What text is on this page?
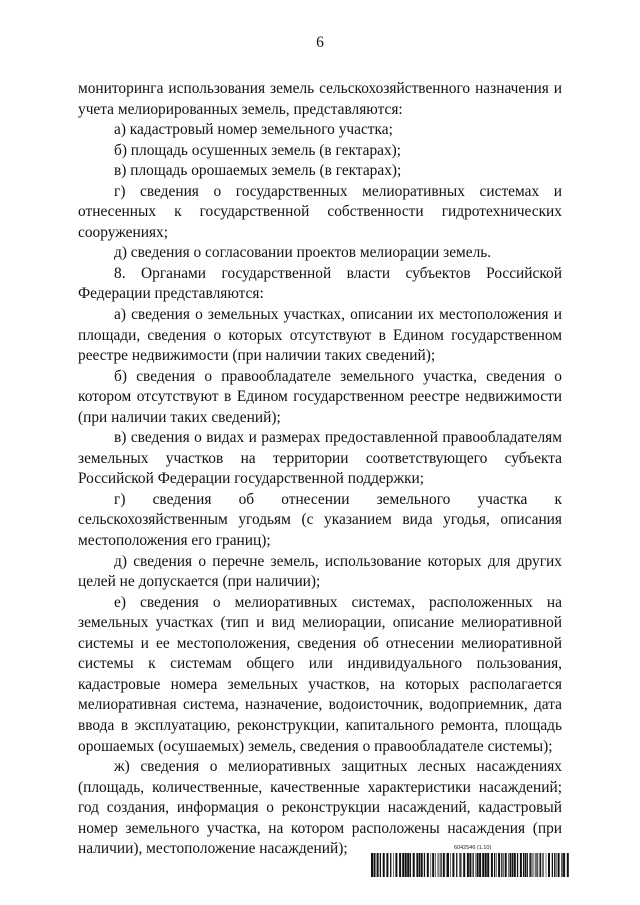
6

мониторинга использования земель сельскохозяйственного назначения и учета мелиорированных земель, представляются:

а) кадастровый номер земельного участка;

б) площадь осушенных земель (в гектарах);

в) площадь орошаемых земель (в гектарах);

г) сведения о государственных мелиоративных системах и отнесенных к государственной собственности гидротехнических сооружениях;

д) сведения о согласовании проектов мелиорации земель.

8. Органами государственной власти субъектов Российской Федерации представляются:

а) сведения о земельных участках, описании их местоположения и площади, сведения о которых отсутствуют в Едином государственном реестре недвижимости (при наличии таких сведений);

б) сведения о правообладателе земельного участка, сведения о котором отсутствуют в Едином государственном реестре недвижимости (при наличии таких сведений);

в) сведения о видах и размерах предоставленной правообладателям земельных участков на территории соответствующего субъекта Российской Федерации государственной поддержки;

г) сведения об отнесении земельного участка к сельскохозяйственным угодьям (с указанием вида угодья, описания местоположения его границ);

д) сведения о перечне земель, использование которых для других целей не допускается (при наличии);

е) сведения о мелиоративных системах, расположенных на земельных участках (тип и вид мелиорации, описание мелиоративной системы и ее местоположения, сведения об отнесении мелиоративной системы к системам общего или индивидуального пользования, кадастровые номера земельных участков, на которых располагается мелиоративная система, назначение, водоисточник, водоприемник, дата ввода в эксплуатацию, реконструкции, капитального ремонта, площадь орошаемых (осушаемых) земель, сведения о правообладателе системы);

ж) сведения о мелиоративных защитных лесных насаждениях (площадь, количественные, качественные характеристики насаждений; год создания, информация о реконструкции насаждений, кадастровый номер земельного участка, на котором расположены насаждения (при наличии), местоположение насаждений);	6042546 (1.10)
